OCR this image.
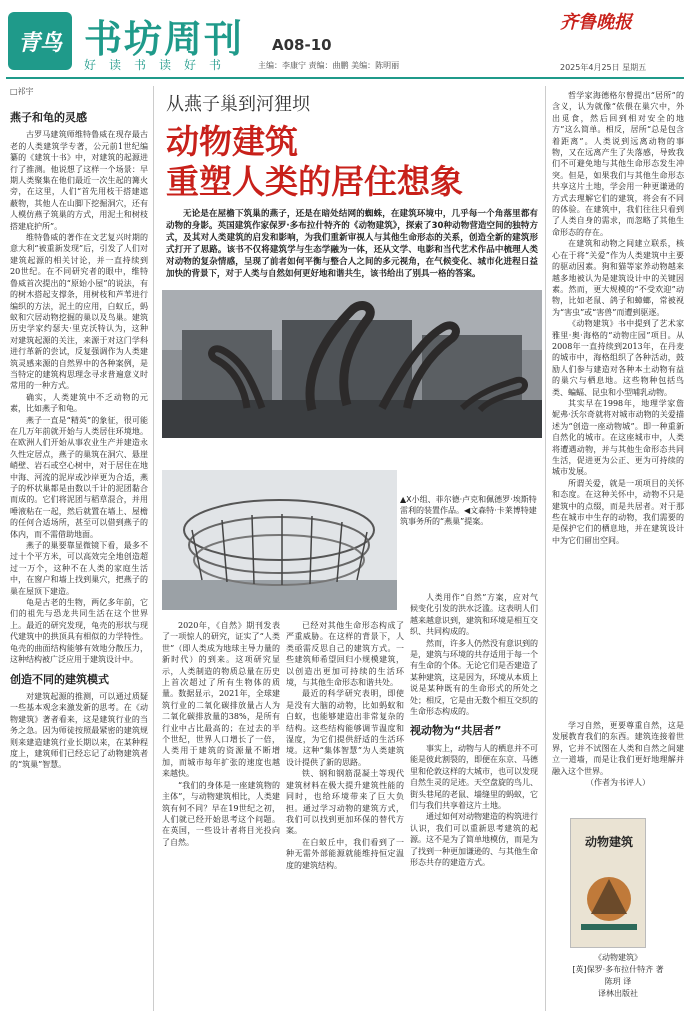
青鸟 书坊周刊 A08-10
好读书读好书	主编：李康宁 责编：曲鹏 美编：陈明丽
齐鲁晚报
2025年4月25日 星期五
□祁宇
燕子和龟的灵感

古罗马建筑师维特鲁威在现存最古老的人类建筑学专著，公元前1世纪编纂的《建筑十书》中，对建筑的起源进行了推测。他说想了这样一个场景：早期人类聚集在他们最近一次生起的篝火旁，在这里，人们“首先用枝干搭建遮蔽物，其他人在山脚下挖掘洞穴，还有人模仿燕子筑巢的方式，用泥土和树枝搭建庇护所”。

维特鲁威的著作在文艺复兴时期的意大利“被重新发现”后，引发了人们对建筑起源的相关讨论，并一直持续到20世纪。在不同研究者的眼中，维特鲁威首次提出的“原始小屋”的说法，有的树木搭起支撑条，用树枝和芦苇进行编织的方法，泥土的应用，白蚁丘，蚂蚁和穴居动物挖掘的巢以及鸟巢。建筑历史学家约瑟夫·里克沃特认为，这种对建筑起源的关注，来源于对这门学科进行革新的尝试，反复强调作为人类建筑灵感来源的自然界中的各种案例，是当特定的建筑构思理念寻求普遍意义时常用的一种方式。

确实，人类建筑中不乏动物的元素，比如燕子和龟。

燕子一直是“精英”的象征，很可能在几万年前就开始与人类居住环境地。在欧洲人们开始从事农业生产并建造永久性定居点，燕子的巢筑在洞穴、悬崖峭壁、岩石或空心树中，对于居住在地中海、河流的泥岸或沙岸更为合适，燕子的杯状巢都是由数以千计的泥团黏合而成的。它们将泥团与稻草混合，并用唾液粘在一起，然后就置在墙上、屋檐的任何合适场所，甚至可以借到燕子的体内，而不需借助地面。

燕子的巢要靠显微镜下看，最多不过十个平方米，可以高效完全地创造超过一万个，这种不在人类的家庭生活中，在窗户和墙上找到巢穴，把燕子的巢在屋顶下建造。

龟是古老的生物，两亿多年前，它们的祖先与恐龙共同生活在这个世界上。最近的研究发现，龟壳的形状与现代建筑中的拱顶具有相似的力学特性。龟壳的曲面结构能够有效地分散压力，这种结构被广泛应用于建筑设计中。

创造不同的建筑模式

对建筑起源的推测，可以通过质疑一些基本观念来激发新的思考。在《动物建筑》著者看来，这是建筑行业的当务之急。因为师徒按照最紧密的建筑规则来建造建筑行业长期以来，在某种程度上，建筑师们已经忘记了动物建筑者的“筑巢”智慧。

从燕子巢到河狸坝
动物建筑
重塑人类的居住想象
无论是在屋檐下筑巢的燕子，还是在暗处结网的蜘蛛，在建筑环境中，几乎每一个角落里都有动物的身影。英国建筑作家保罗·多布拉什特齐的《动物建筑》，探索了30种动物营造空间的独特方式，及其对人类建筑的启发和影响，为我们重新审视人与其他生命形态的关系，创造全新的建筑形式打开了思路。该书不仅将建筑学与生态学融为一体，还从文学、电影和当代艺术作品中梳理人类对动物的复杂情感，呈现了前者如何平衡与整合人之间的多元视角，在气候变化、城市化进程日益加快的背景下，对于人类与自然如何更好地和谐共生，该书给出了别具一格的答案。
▲X小组、菲尔德·卢克和佩德罗·埃斯特雷利的装置作品。◀文森特·卡莱博特建筑事务所的“燕巢”提案。

2020年，《自然》期刊发表了一项惊人的研究，证实了“人类世”（即人类成为地球主导力量的新时代）的到来。这项研究显示，人类制造的物质总量在历史上首次超过了所有生物体的质量。数据显示，2021年，全球建筑行业的二氧化碳排放量占人为二氧化碳排放量的38%，是所有行业中占比最高的；在过去的半个世纪，世界人口增长了一倍，人类用于建筑的资源量不断增加，而城市每年扩张的速度也越来越快。

“我们的身体是一座建筑物的主体”，与动物建筑相比，人类建筑有何不同？早在19世纪之初，人们就已经开始思考这个问题。在英国，一些设计者将目光投向了自然。

已经对其他生命形态构成了严重威胁。在这样的背景下，人类亟需反思自己的建筑方式。一些建筑师希望回归小规模建筑，以创造出更加可持续的生活环境，与其他生命形态和谐共处。

最近的科学研究表明，即使是没有大脑的动物，比如蚂蚁和白蚁，也能够建造出非常复杂的结构。这些结构能够调节温度和湿度，为它们提供舒适的生活环境。这种“集体智慧”为人类建筑设计提供了新的思路。

铁、钢和钢筋混凝土等现代建筑材料在极大提升建筑性能的同时，也给环境带来了巨大负担。通过学习动物的建筑方式，我们可以找到更加环保的替代方案。

在白蚁丘中，我们看到了一种无需外部能源就能维持恒定温度的建筑结构。

人类用作“自然”方案，应对气候变化引发的洪水泛滥。这表明人们越来越意识到，建筑和环境是相互交织、共同构成的。

然而，许多人仍然没有意识到的是，建筑与环境的共存适用于每一个有生命的个体。无论它们是否建造了某种建筑，这是因为，环境从本质上说是某种既有的生命形式的所处之处；相反，它是由无数个相互交织的生命形态构成的。

视动物为“共居者”

事实上，动物与人的栖息并不可能是彼此割裂的，即便在东京、马德里和伦敦这样的大城市，也可以发现自然生灵的足迹。天空盘旋的鸟儿、街头巷尾的老鼠、墙缝里的蚂蚁，它们与我们共享着这片土地。

通过如何对动物建造的构筑进行认识，我们可以重新思考建筑的起源。这不是为了简单地模仿，而是为了找到一种更加谦逊的、与其他生命形态共存的建造方式。

哲学家海德格尔曾提出“居所”的含义，认为就像“依偎在巢穴中，外出觅食，然后回到相对安全的地方”这么简单。相反，居所“总是包含着距离”。人类说到远离动物的事物，又在远离产生了失落感，导致我们不可避免地与其他生命形态发生冲突。但是，如果我们与其他生命形态共享这片土地，学会用一种更谦逊的方式去理解它们的建筑，将会有不同的体验。在建筑中，我们往往只看到了人类自身的需求，而忽略了其他生命形态的存在。

在建筑和动物之间建立联系，核心在于将“关爱”作为人类建筑中主要的驱动因素。狗和猫等家养动物越来越多地被认为是建筑设计中的关键因素。然而，更大规模的“不受欢迎”动物，比如老鼠、鸽子和蟑螂，常被视为“害虫”或“害兽”而遭到驱逐。

《动物建筑》书中提到了艺术家雅里·奥·海格的“动物庄园”项目。从2008年一直持续到2013年，在丹麦的城市中，海格组织了各种活动，鼓励人们参与建造对各种本土动物有益的巢穴与栖息地。这些物种包括鸟类、蝙蝠、昆虫和小型哺乳动物。

其实早在1998年，地理学家詹妮弗·沃尔奇就将对城市动物的关爱描述为“创造一座动物城”。即一种重新自然化的城市。在这座城市中，人类将遭遇动物，并与其他生命形态共同生活，促进更为公正、更为可持续的城市发展。

所谓关爱，就是一项项目的关怀和态度。在这种关怀中，动物不只是建筑中的点缀，而是共居者。对于那些在城市中生存的动物，我们需要的是保护它们的栖息地，并在建筑设计中为它们留出空间。

学习自然，更要尊重自然，这是发展教育我们的东西。建筑连接着世界，它并不试图在人类和自然之间建立一道墙，而是让我们更好地理解并融入这个世界。

（作者为书评人）

动物建筑
《动物建筑》
[英]保罗·多布拉什特齐 著
陈玥 译
译林出版社
